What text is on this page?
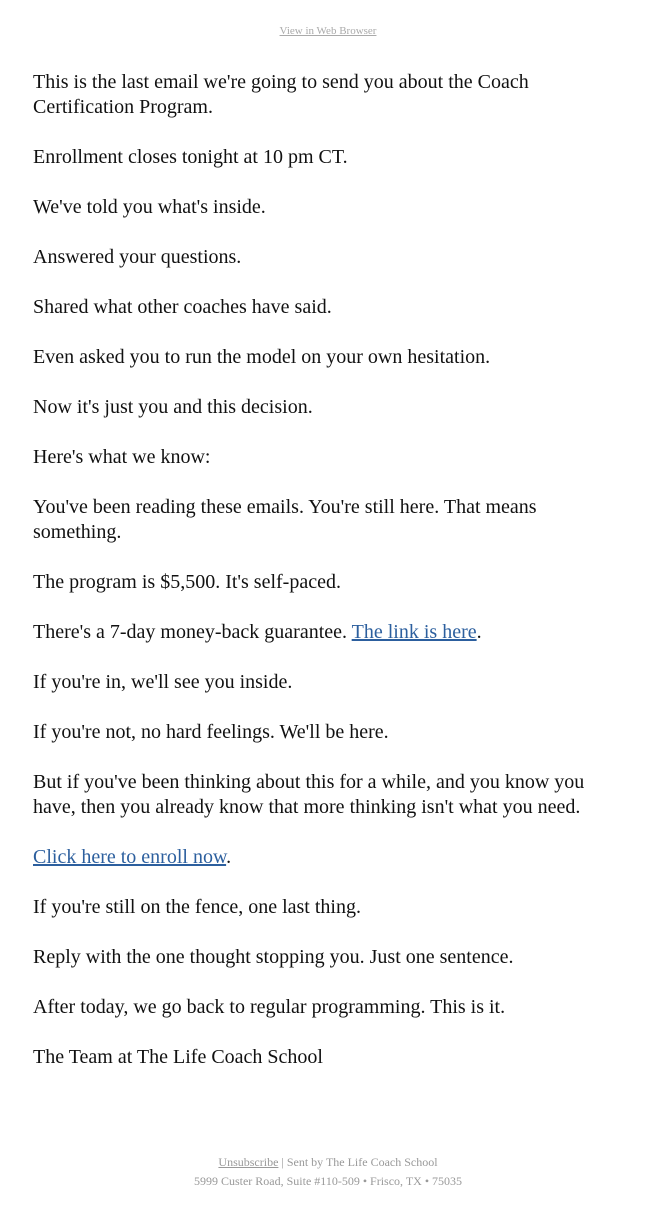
View in Web Browser

This is the last email we're going to send you about the Coach Certification Program.

Enrollment closes tonight at 10 pm CT.

We've told you what's inside.

Answered your questions.

Shared what other coaches have said.

Even asked you to run the model on your own hesitation.

Now it's just you and this decision.

Here's what we know:

You've been reading these emails. You're still here. That means something.

The program is $5,500. It's self-paced.

There's a 7-day money-back guarantee. The link is here.

If you're in, we'll see you inside.

If you're not, no hard feelings. We'll be here.

But if you've been thinking about this for a while, and you know you have, then you already know that more thinking isn't what you need.

Click here to enroll now.

If you're still on the fence, one last thing.

Reply with the one thought stopping you. Just one sentence.

After today, we go back to regular programming. This is it.

The Team at The Life Coach School

Unsubscribe | Sent by The Life Coach School
5999 Custer Road, Suite #110-509 • Frisco, TX • 75035
